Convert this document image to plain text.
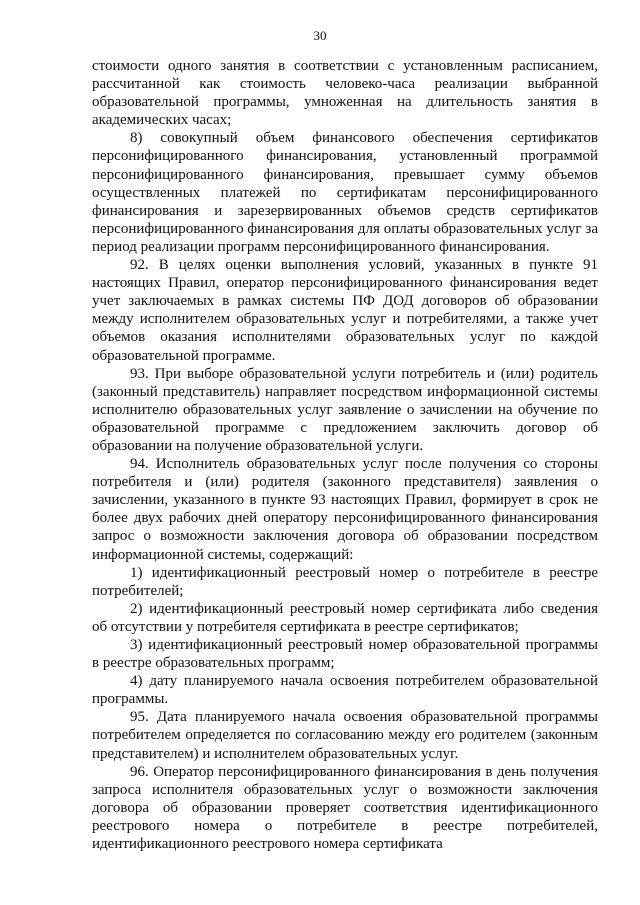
30

стоимости одного занятия в соответствии с установленным расписанием, рассчитанной как стоимость человеко-часа реализации выбранной образовательной программы, умноженная на длительность занятия в академических часах;

8) совокупный объем финансового обеспечения сертификатов персонифицированного финансирования, установленный программой персонифицированного финансирования, превышает сумму объемов осуществленных платежей по сертификатам персонифицированного финансирования и зарезервированных объемов средств сертификатов персонифицированного финансирования для оплаты образовательных услуг за период реализации программ персонифицированного финансирования.

92. В целях оценки выполнения условий, указанных в пункте 91 настоящих Правил, оператор персонифицированного финансирования ведет учет заключаемых в рамках системы ПФ ДОД договоров об образовании между исполнителем образовательных услуг и потребителями, а также учет объемов оказания исполнителями образовательных услуг по каждой образовательной программе.

93. При выборе образовательной услуги потребитель и (или) родитель (законный представитель) направляет посредством информационной системы исполнителю образовательных услуг заявление о зачислении на обучение по образовательной программе с предложением заключить договор об образовании на получение образовательной услуги.

94. Исполнитель образовательных услуг после получения со стороны потребителя и (или) родителя (законного представителя) заявления о зачислении, указанного в пункте 93 настоящих Правил, формирует в срок не более двух рабочих дней оператору персонифицированного финансирования запрос о возможности заключения договора об образовании посредством информационной системы, содержащий:

1) идентификационный реестровый номер о потребителе в реестре потребителей;

2) идентификационный реестровый номер сертификата либо сведения об отсутствии у потребителя сертификата в реестре сертификатов;

3) идентификационный реестровый номер образовательной программы в реестре образовательных программ;

4) дату планируемого начала освоения потребителем образовательной программы.

95. Дата планируемого начала освоения образовательной программы потребителем определяется по согласованию между его родителем (законным представителем) и исполнителем образовательных услуг.

96. Оператор персонифицированного финансирования в день получения запроса исполнителя образовательных услуг о возможности заключения договора об образовании проверяет соответствия идентификационного реестрового номера о потребителе в реестре потребителей, идентификационного реестрового номера сертификата
